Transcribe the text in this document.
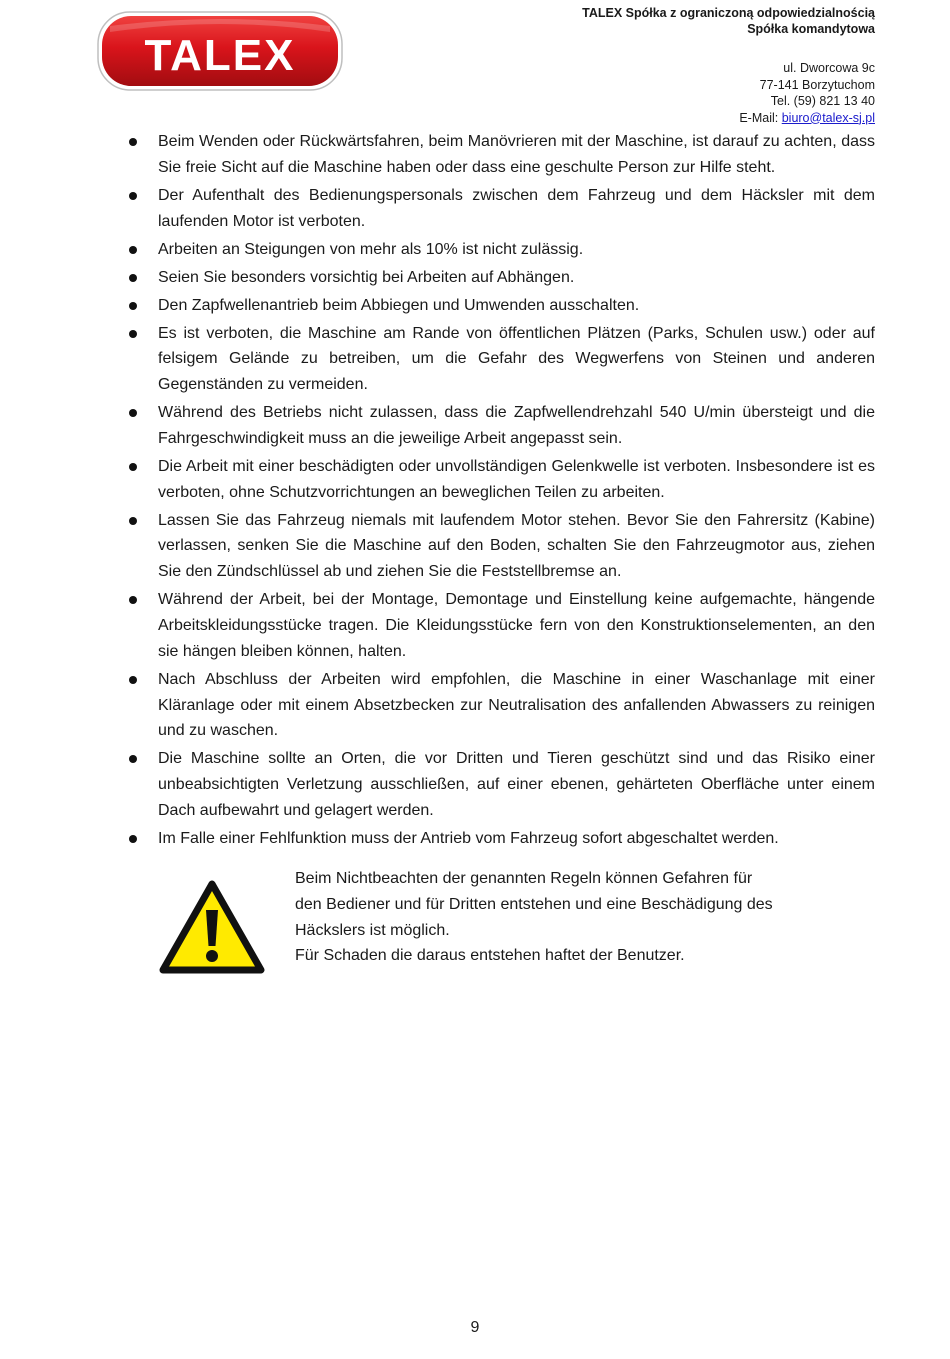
TALEX
TALEX Spółka z ograniczoną odpowiedzialnością
Spółka komandytowa
ul. Dworcowa 9c
77-141 Borzytuchom
Tel. (59) 821 13 40
E-Mail: biuro@talex-sj.pl
Beim Wenden oder Rückwärtsfahren, beim Manövrieren mit der Maschine, ist darauf zu achten, dass Sie freie Sicht auf die Maschine haben oder dass eine geschulte Person zur Hilfe steht.
Der Aufenthalt des Bedienungspersonals zwischen dem Fahrzeug und dem Häcksler mit dem laufenden Motor ist verboten.
Arbeiten an Steigungen von mehr als 10% ist nicht zulässig.
Seien Sie besonders vorsichtig bei Arbeiten auf Abhängen.
Den Zapfwellenantrieb beim Abbiegen und Umwenden ausschalten.
Es ist verboten, die Maschine am Rande von öffentlichen Plätzen (Parks, Schulen usw.) oder auf felsigem Gelände zu betreiben, um die Gefahr des Wegwerfens von Steinen und anderen Gegenständen zu vermeiden.
Während des Betriebs nicht zulassen, dass die Zapfwellendrehzahl 540 U/min übersteigt und die Fahrgeschwindigkeit muss an die jeweilige Arbeit angepasst sein.
Die Arbeit mit einer beschädigten oder unvollständigen Gelenkwelle ist verboten. Insbesondere ist es verboten, ohne Schutzvorrichtungen an beweglichen Teilen zu arbeiten.
Lassen Sie das Fahrzeug niemals mit laufendem Motor stehen. Bevor Sie den Fahrersitz (Kabine) verlassen, senken Sie die Maschine auf den Boden, schalten Sie den Fahrzeugmotor aus, ziehen Sie den Zündschlüssel ab und ziehen Sie die Feststellbremse an.
Während der Arbeit, bei der Montage, Demontage und Einstellung keine aufgemachte, hängende Arbeitskleidungsstücke tragen. Die Kleidungsstücke fern von den Konstruktionselementen, an den sie hängen bleiben können, halten.
Nach Abschluss der Arbeiten wird empfohlen, die Maschine in einer Waschanlage mit einer Kläranlage oder mit einem Absetzbecken zur Neutralisation des anfallenden Abwassers zu reinigen und zu waschen.
Die Maschine sollte an Orten, die vor Dritten und Tieren geschützt sind und das Risiko einer unbeabsichtigten Verletzung ausschließen, auf einer ebenen, gehärteten Oberfläche unter einem Dach aufbewahrt und gelagert werden.
Im Falle einer Fehlfunktion muss der Antrieb vom Fahrzeug sofort abgeschaltet werden.
Beim Nichtbeachten der genannten Regeln können Gefahren für
den Bediener und für Dritten entstehen und eine Beschädigung des
Häckslers ist möglich.
Für Schaden die daraus entstehen haftet der Benutzer.
9
